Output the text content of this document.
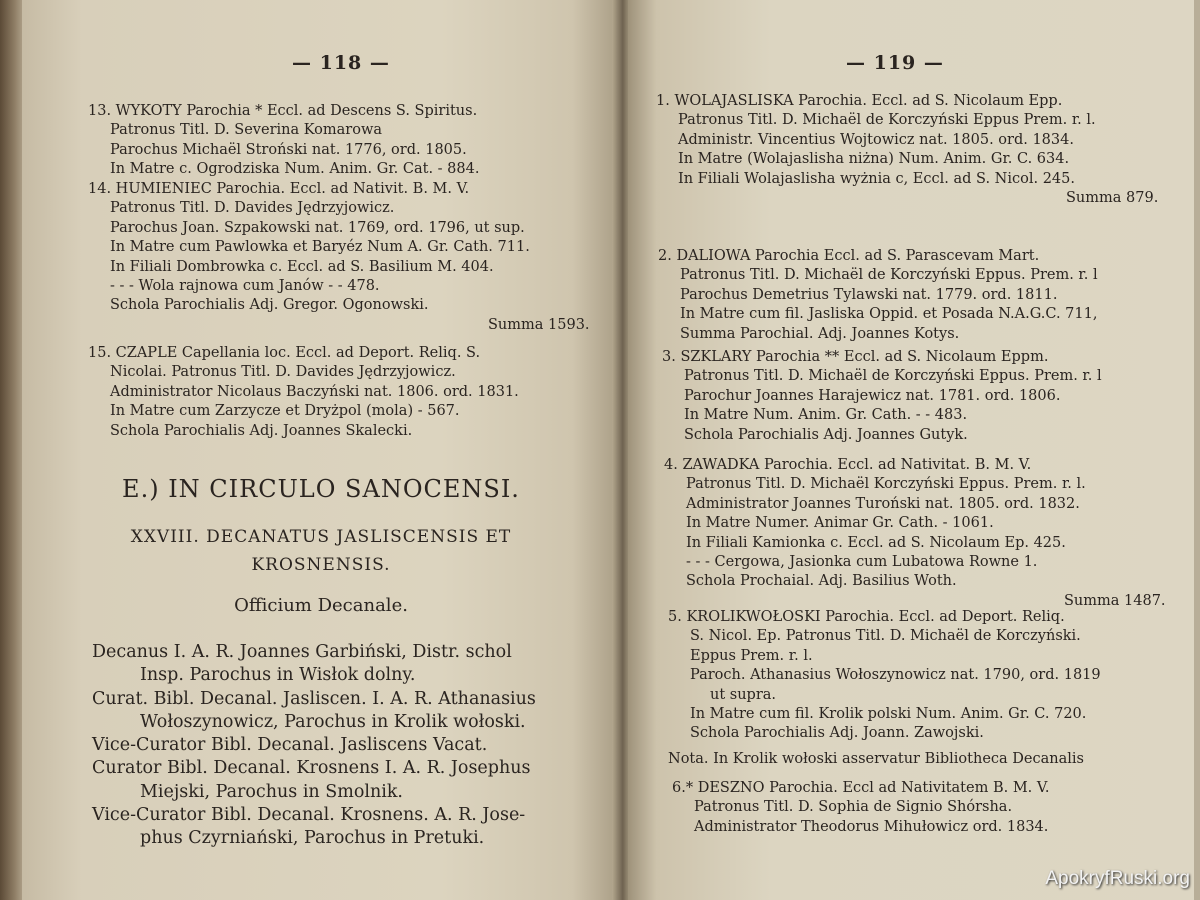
— 118 —
13. WYKOTY Parochia * Eccl. ad Descens S. Spiritus.
Patronus Titl. D. Severina Komarowa
Parochus Michaël Stroński nat. 1776, ord. 1805.
In Matre c. Ogrodziska Num. Anim. Gr. Cat. - 884.
14. HUMIENIEC Parochia. Eccl. ad Nativit. B. M. V.
Patronus Titl. D. Davides Jędrzyjowicz.
Parochus Joan. Szpakowski nat. 1769, ord. 1796, ut sup.
In Matre cum Pawlowka et Baryéz Num A. Gr. Cath. 711.
In Filiali Dombrowka c. Eccl. ad S. Basilium M. 404.
- - - Wola rajnowa cum Janów - - 478.
Schola Parochialis Adj. Gregor. Ogonowski.
Summa 1593.
15. CZAPLE Capellania loc. Eccl. ad Deport. Reliq. S.
Nicolai. Patronus Titl. D. Davides Jędrzyjowicz.
Administrator Nicolaus Baczyński nat. 1806. ord. 1831.
In Matre cum Zarzycze et Dryżpol (mola) - 567.
Schola Parochialis Adj. Joannes Skalecki.
E.) IN CIRCULO SANOCENSI.
XXVIII. DECANATUS JASLISCENSIS ET
KROSNENSIS.
Officium Decanale.
Decanus I. A. R. Joannes Garbiński, Distr. schol
Insp. Parochus in Wisłok dolny.
Curat. Bibl. Decanal. Jasliscen. I. A. R. Athanasius
Wołoszynowicz, Parochus in Krolik wołoski.
Vice-Curator Bibl. Decanal. Jasliscens Vacat.
Curator Bibl. Decanal. Krosnens I. A. R. Josephus
Miejski, Parochus in Smolnik.
Vice-Curator Bibl. Decanal. Krosnens. A. R. Jose-
phus Czyrniański, Parochus in Pretuki.
— 119 —
1. WOLAJASLISKA Parochia. Eccl. ad S. Nicolaum Epp.
Patronus Titl. D. Michaël de Korczyński Eppus Prem. r. l.
Administr. Vincentius Wojtowicz nat. 1805. ord. 1834.
In Matre (Wolajaslisha niżna) Num. Anim. Gr. C. 634.
In Filiali Wolajaslisha wyżnia c, Eccl. ad S. Nicol. 245.
Summa 879.
2. DALIOWA Parochia Eccl. ad S. Parascevam Mart.
Patronus Titl. D. Michaël de Korczyński Eppus. Prem. r. l
Parochus Demetrius Tylawski nat. 1779. ord. 1811.
In Matre cum fil. Jasliska Oppid. et Posada N.A.G.C. 711,
Summa Parochial. Adj. Joannes Kotys.
3. SZKLARY Parochia ** Eccl. ad S. Nicolaum Eppm.
Patronus Titl. D. Michaël de Korczyński Eppus. Prem. r. l
Parochur Joannes Harajewicz nat. 1781. ord. 1806.
In Matre Num. Anim. Gr. Cath. - - 483.
Schola Parochialis Adj. Joannes Gutyk.
4. ZAWADKA Parochia. Eccl. ad Nativitat. B. M. V.
Patronus Titl. D. Michaël Korczyński Eppus. Prem. r. l.
Administrator Joannes Turoński nat. 1805. ord. 1832.
In Matre Numer. Animar Gr. Cath. - 1061.
In Filiali Kamionka c. Eccl. ad S. Nicolaum Ep. 425.
- - - Cergowa, Jasionka cum Lubatowa Rowne 1.
Schola Prochaial. Adj. Basilius Woth.
Summa 1487.
5. KROLIKWOŁOSKI Parochia. Eccl. ad Deport. Reliq.
S. Nicol. Ep. Patronus Titl. D. Michaël de Korczyński.
Eppus Prem. r. l.
Paroch. Athanasius Wołoszynowicz nat. 1790, ord. 1819
ut supra.
In Matre cum fil. Krolik polski Num. Anim. Gr. C. 720.
Schola Parochialis Adj. Joann. Zawojski.
Nota. In Krolik wołoski asservatur Bibliotheca Decanalis
6.* DESZNO Parochia. Eccl ad Nativitatem B. M. V.
Patronus Titl. D. Sophia de Signio Shórsha.
Administrator Theodorus Mihułowicz ord. 1834.
ApokryfRuski.org
